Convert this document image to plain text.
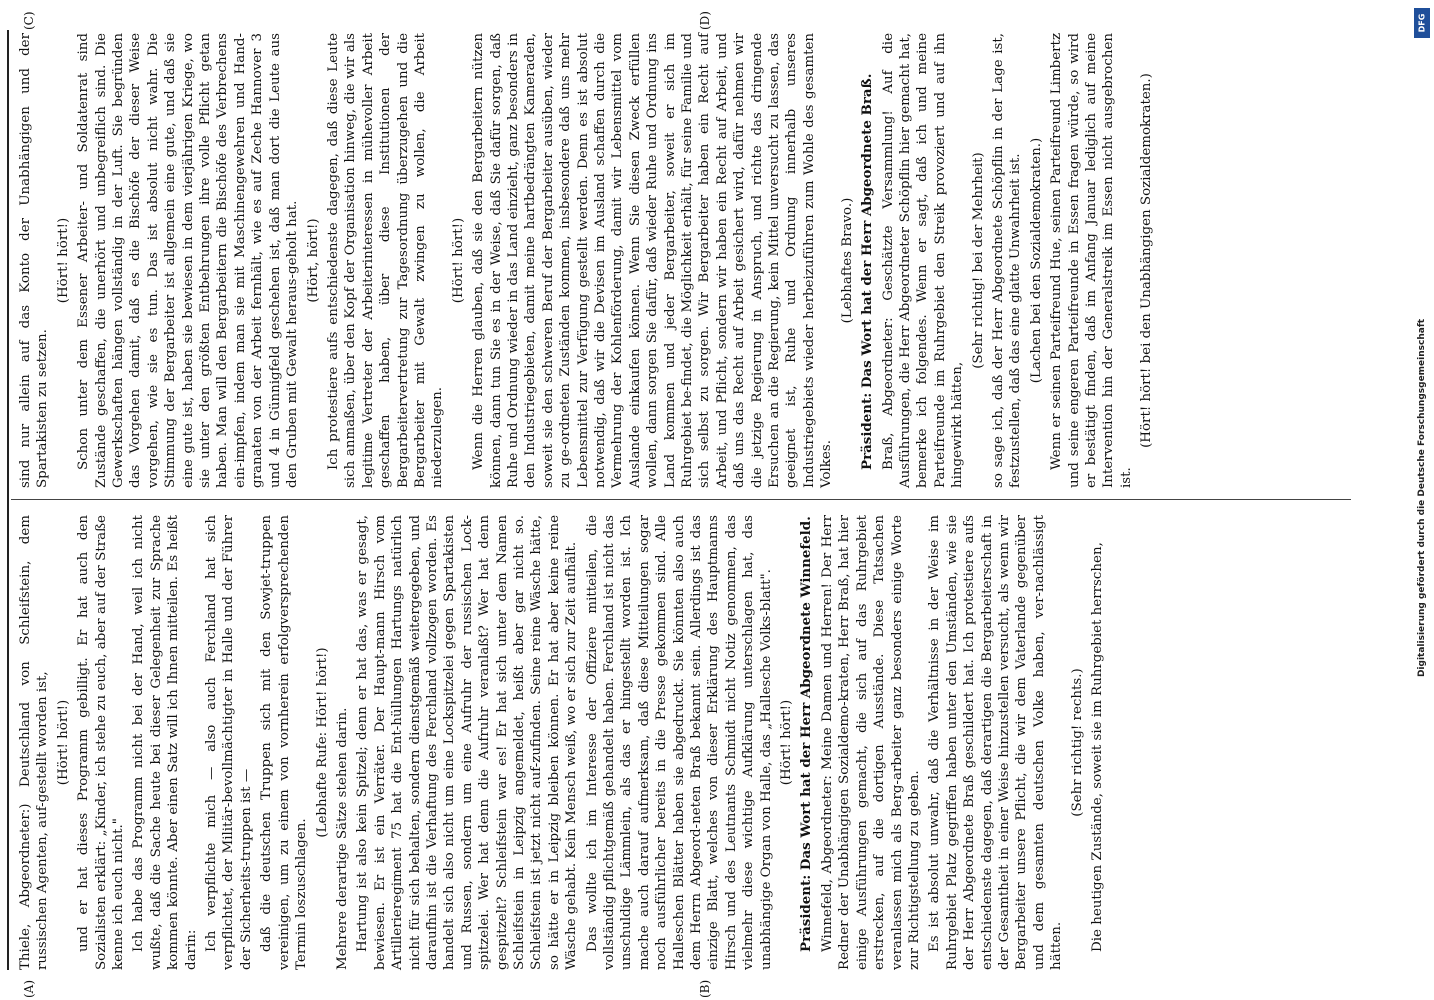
(A)	(B)
(C)	(D)

Thiele, Abgeordneter:) Deutschland von Schleifstein, dem russischen Agenten, auf-gestellt worden ist, (Hört! hört!) und er hat dieses Programm gebilligt. Er hat auch den Sozialisten erklärt: „Kinder, ich stehe zu euch, aber auf der Straße kenne ich euch nicht." Ich habe das Programm nicht bei der Hand, weil ich nicht wußte, daß die Sache heute bei dieser Gelegenheit zur Sprache kommen könnte. Aber einen Satz will ich Ihnen mitteilen. Es heißt darin: Ich verpflichte mich — also auch Ferchland hat sich verpflichtet, der Militär-bevollmächtigter in Halle und der Führer der Sicherheits-truppen ist — daß die deutschen Truppen sich mit den Sowjet-truppen vereinigen, um zu einem von vornherein erfolgversprechenden Termin loszuschlagen.

(Lebhafte Rufe: Hört! hört!) Mehrere derartige Sätze stehen darin. Hartung ist also kein Spitzel; denn er hat das, was er gesagt, bewiesen. Er ist ein Verräter. Der Haupt-mann Hirsch vom Artillerieregiment 75 hat die Ent-hüllungen Hartungs natürlich nicht für sich behalten, sondern dienstgemäß weitergegeben, und daraufhin ist die Verhaftung des Ferchland vollzogen worden. Es handelt sich also nicht um eine Lockspitzelei gegen Spartakisten und Russen, sondern um eine Aufruhr der russischen Lock-spitzelei. Wer hat denn die Aufruhr veranlaßt? Wer hat denn gespitzelt? Schleifstein war es! Er hat sich unter dem Namen Schleifstein in Leipzig angemeldet, heißt aber gar nicht so. Schleifstein ist jetzt nicht auf-zufinden. Seine reine Wäsche hätte, so hätte er in Leipzig bleiben können. Er hat aber keine reine Wäsche gehabt. Kein Mensch weiß, wo er sich zur Zeit aufhält. Das wollte ich im Interesse der Offiziere mitteilen, die vollständig pflichtgemäß gehandelt haben. Ferchland ist nicht das unschuldige Lämmlein, als das er hingestellt worden ist. Ich mache auch darauf aufmerksam, daß diese Mitteilungen sogar noch ausführlicher bereits in die Presse gekommen sind. Alle Halleschen Blätter haben sie abgedruckt. Sie könnten also auch dem Herrn Abgeord-neten Braß bekannt sein. Allerdings ist das einzige Blatt, welches von dieser Erklärung des Hauptmanns Hirsch und des Leutnants Schmidt nicht Notiz genommen, das vielmehr diese wichtige Aufklärung unterschlagen hat, das unabhängige Organ von Halle, das „Hallesche Volks-blatt". (Hört! hört!) Präsident: Das Wort hat der Herr Abgeordnete Winnefeld. Winnefeld, Abgeordneter: Meine Damen und Herren! Der Herr Redner der Unabhängigen Sozialdemo-kraten, Herr Braß, hat hier einige Ausführungen gemacht, die sich auf das Ruhrgebiet erstrecken, auf die dortigen Ausstände. Diese Tatsachen veranlassen mich als Berg-arbeiter ganz besonders einige Worte zur Richtigstellung zu geben. Es ist absolut unwahr, daß die Verhältnisse in der Weise im Ruhrgebiet Platz gegriffen haben unter den Umständen, wie sie der Herr Abgeordnete Braß geschildert hat. Ich protestiere aufs entschiedenste dagegen, daß derartigen die Bergarbeiterschaft in der Gesamtheit in einer Weise hinzustellen versucht, als wenn wir Bergarbeiter unsere Pflicht, die wir dem Vaterlande gegenüber und dem gesamten deutschen Volke haben, ver-nachlässigt hätten.

(Sehr richtig! rechts.) Die heutigen Zustände, soweit sie im Ruhrgebiet herrschen,

sind nur allein auf das Konto der Unabhängigen und der Spartakisten zu setzen.

(Hört! hört!) Schon unter dem Essener Arbeiter- und Soldatenrat sind Zustände geschaffen, die unerhört und unbegreiflich sind. Die Gewerkschaften hängen vollständig in der Luft. Sie begründen das Vorgehen damit, daß es die Bischöfe der dieser Weise vorgehen, wie sie es tun. Das ist absolut nicht wahr. Die Stimmung der Bergarbeiter ist allgemein eine gute, und daß sie eine gute ist, haben sie bewiesen in dem vierjährigen Kriege, wo sie unter den größten Entbehrungen ihre volle Pflicht getan haben. Man will den Bergarbeitern die Bischöfe des Verbrechens ein-impfen, indem man sie mit Maschinengewehren und Hand-granaten von der Arbeit fernhält, wie es auf Zeche Hannover 3 und 4 in Günnigfeld geschehen ist, daß man dort die Leute aus den Gruben mit Gewalt heraus-geholt hat. (Hört, hört!) Ich protestiere aufs entschiedenste dagegen, daß diese Leute sich anmaßen, über den Kopf der Organisation hinweg, die wir als legitime Vertreter der Arbeiterinteressen in mühevoller Arbeit geschaffen haben, über diese Institutionen der Bergarbeitervertretung zur Tagesordnung überzugehen und die Bergarbeiter mit Gewalt zwingen zu wollen, die Arbeit niederzulegen.

(Hört! hört!) Wenn die Herren glauben, daß sie den Bergarbeitern nützen können, dann tun Sie es in der Weise, daß Sie dafür sorgen, daß Ruhe und Ordnung wieder in das Land einzieht, ganz besonders in den Industriegebieten, damit meine hartbedrängten Kameraden, soweit sie den schweren Beruf der Bergarbeiter ausüben, wieder zu ge-ordneten Zuständen kommen, insbesondere daß uns mehr Lebensmittel zur Verfügung gestellt werden. Denn es ist absolut notwendig, daß wir die Devisen im Ausland schaffen durch die Vermehrung der Kohlenförderung, damit wir Lebensmittel vom Auslande einkaufen können. Wenn Sie diesen Zweck erfüllen wollen, dann sorgen Sie dafür, daß wieder Ruhe und Ordnung ins Land kommen und jeder Bergarbeiter, soweit er sich im Ruhrgebiet be-findet, die Möglichkeit erhält, für seine Familie und sich selbst zu sorgen. Wir Bergarbeiter haben ein Recht auf Arbeit, und Pflicht, sondern wir haben ein Recht auf Arbeit, und daß uns das Recht auf Arbeit gesichert wird, dafür nehmen wir die jetzige Regierung in Anspruch, und richte das dringende Ersuchen an die Regierung, kein Mittel unversucht zu lassen, das geeignet ist, Ruhe und Ordnung innerhalb unseres Industriegebiets wieder herbeizuführen zum Wohle des gesamten Volkes.

(Lebhaftes Bravo.) Präsident: Das Wort hat der Herr Abgeordnete Braß. Braß, Abgeordneter: Geschätzte Versammlung! Auf die Ausführungen, die Herr Abgeordneter Schöpflin hier gemacht hat, bemerke ich folgendes. Wenn er sagt, daß ich und meine Parteifreunde im Ruhrgebiet den Streik provoziert und auf ihn hingewirkt hätten,

(Sehr richtig! bei der Mehrheit) so sage ich, daß der Herr Abgeordnete Schöpflin in der Lage ist, festzustellen, daß das eine glatte Unwahrheit ist. (Lachen bei den Sozialdemokraten.) Wenn er seinen Parteifreund Hue, seinen Parteifreund Limbertz und seine engeren Parteifreunde in Essen fragen würde, so wird er bestätigt finden, daß im Anfang Januar lediglich auf meine Intervention hin der Generalstreik im Essen nicht ausgebrochen ist.

(Hört! hört! bei den Unabhängigen Sozialdemokraten.)

DFG
Digitalisierung gefördert durch die Deutsche Forschungsgemeinschaft
